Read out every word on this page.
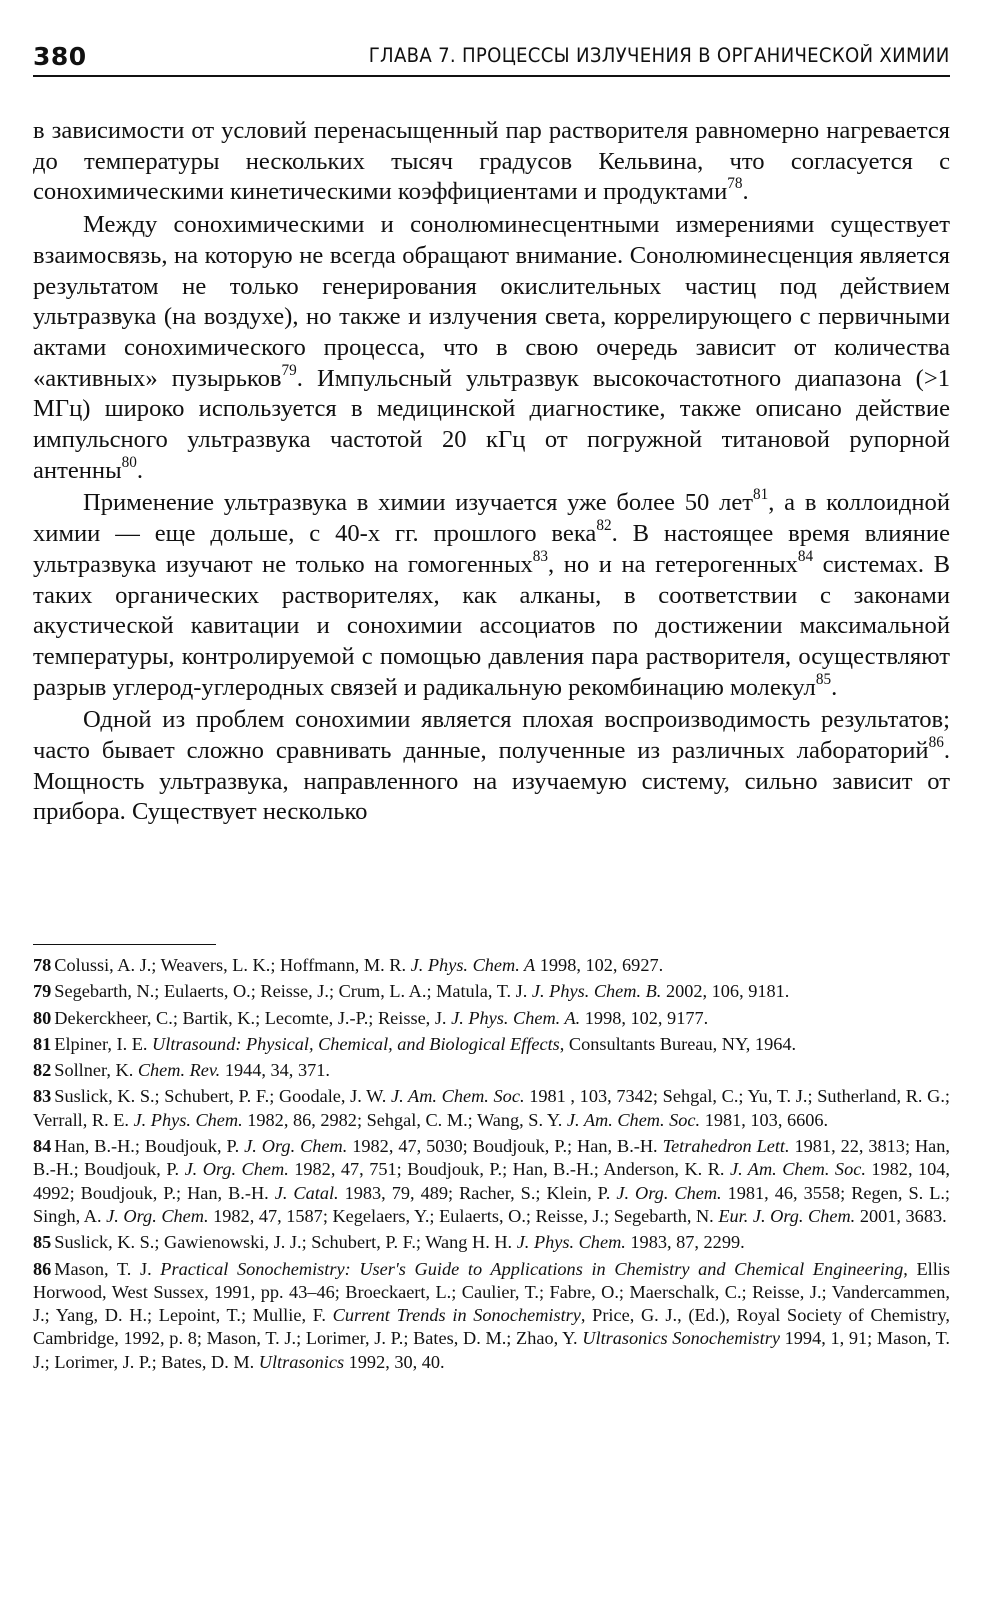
380	ГЛАВА 7. ПРОЦЕССЫ ИЗЛУЧЕНИЯ В ОРГАНИЧЕСКОЙ ХИМИИ

в зависимости от условий перенасыщенный пар растворителя равномерно нагревается до температуры нескольких тысяч градусов Кельвина, что согласуется с сонохимическими кинетическими коэффициентами и продуктами$^{78}$.

Между сонохимическими и сонолюминесцентными измерениями существует взаимосвязь, на которую не всегда обращают внимание. Сонолюминесценция является результатом не только генерирования окислительных частиц под действием ультразвука (на воздухе), но также и излучения света, коррелирующего с первичными актами сонохимического процесса, что в свою очередь зависит от количества «активных» пузырьков$^{79}$. Импульсный ультразвук высокочастотного диапазона (>1 МГц) широко используется в медицинской диагностике, также описано действие импульсного ультразвука частотой 20 кГц от погружной титановой рупорной антенны$^{80}$.

Применение ультразвука в химии изучается уже более 50 лет$^{81}$, а в коллоидной химии — еще дольше, с 40-х гг. прошлого века$^{82}$. В настоящее время влияние ультразвука изучают не только на гомогенных$^{83}$, но и на гетерогенных$^{84}$ системах. В таких органических растворителях, как алканы, в соответствии с законами акустической кавитации и сонохимии ассоциатов по достижении максимальной температуры, контролируемой с помощью давления пара растворителя, осуществляют разрыв углерод-углеродных связей и радикальную рекомбинацию молекул$^{85}$.

Одной из проблем сонохимии является плохая воспроизводимость результатов; часто бывает сложно сравнивать данные, полученные из различных лабораторий$^{86}$. Мощность ультразвука, направленного на изучаемую систему, сильно зависит от прибора. Существует несколько

78 Colussi, A. J.; Weavers, L. K.; Hoffmann, M. R. J. Phys. Chem. A 1998, 102, 6927.

79 Segebarth, N.; Eulaerts, O.; Reisse, J.; Crum, L. A.; Matula, T. J. J. Phys. Chem. B. 2002, 106, 9181.

80 Dekerckheer, C.; Bartik, K.; Lecomte, J.-P.; Reisse, J. J. Phys. Chem. A. 1998, 102, 9177.

81 Elpiner, I. E. Ultrasound: Physical, Chemical, and Biological Effects, Consultants Bureau, NY, 1964.

82 Sollner, K. Chem. Rev. 1944, 34, 371.

83 Suslick, K. S.; Schubert, P. F.; Goodale, J. W. J. Am. Chem. Soc. 1981 , 103, 7342; Sehgal, C.; Yu, T. J.; Sutherland, R. G.; Verrall, R. E. J. Phys. Chem. 1982, 86, 2982; Sehgal, C. M.; Wang, S. Y. J. Am. Chem. Soc. 1981, 103, 6606.

84 Han, B.-H.; Boudjouk, P. J. Org. Chem. 1982, 47, 5030; Boudjouk, P.; Han, B.-H. Tetrahedron Lett. 1981, 22, 3813; Han, B.-H.; Boudjouk, P. J. Org. Chem. 1982, 47, 751; Boudjouk, P.; Han, B.-H.; Anderson, K. R. J. Am. Chem. Soc. 1982, 104, 4992; Boudjouk, P.; Han, B.-H. J. Catal. 1983, 79, 489; Racher, S.; Klein, P. J. Org. Chem. 1981, 46, 3558; Regen, S. L.; Singh, A. J. Org. Chem. 1982, 47, 1587; Kegelaers, Y.; Eulaerts, O.; Reisse, J.; Segebarth, N. Eur. J. Org. Chem. 2001, 3683.

85 Suslick, K. S.; Gawienowski, J. J.; Schubert, P. F.; Wang H. H. J. Phys. Chem. 1983, 87, 2299.

86 Mason, T. J. Practical Sonochemistry: User's Guide to Applications in Chemistry and Chemical Engineering, Ellis Horwood, West Sussex, 1991, pp. 43–46; Broeckaert, L.; Caulier, T.; Fabre, O.; Maerschalk, C.; Reisse, J.; Vandercammen, J.; Yang, D. H.; Lepoint, T.; Mullie, F. Current Trends in Sonochemistry, Price, G. J., (Ed.), Royal Society of Chemistry, Cambridge, 1992, p. 8; Mason, T. J.; Lorimer, J. P.; Bates, D. M.; Zhao, Y. Ultrasonics Sonochemistry 1994, 1, 91; Mason, T. J.; Lorimer, J. P.; Bates, D. M. Ultrasonics 1992, 30, 40.
